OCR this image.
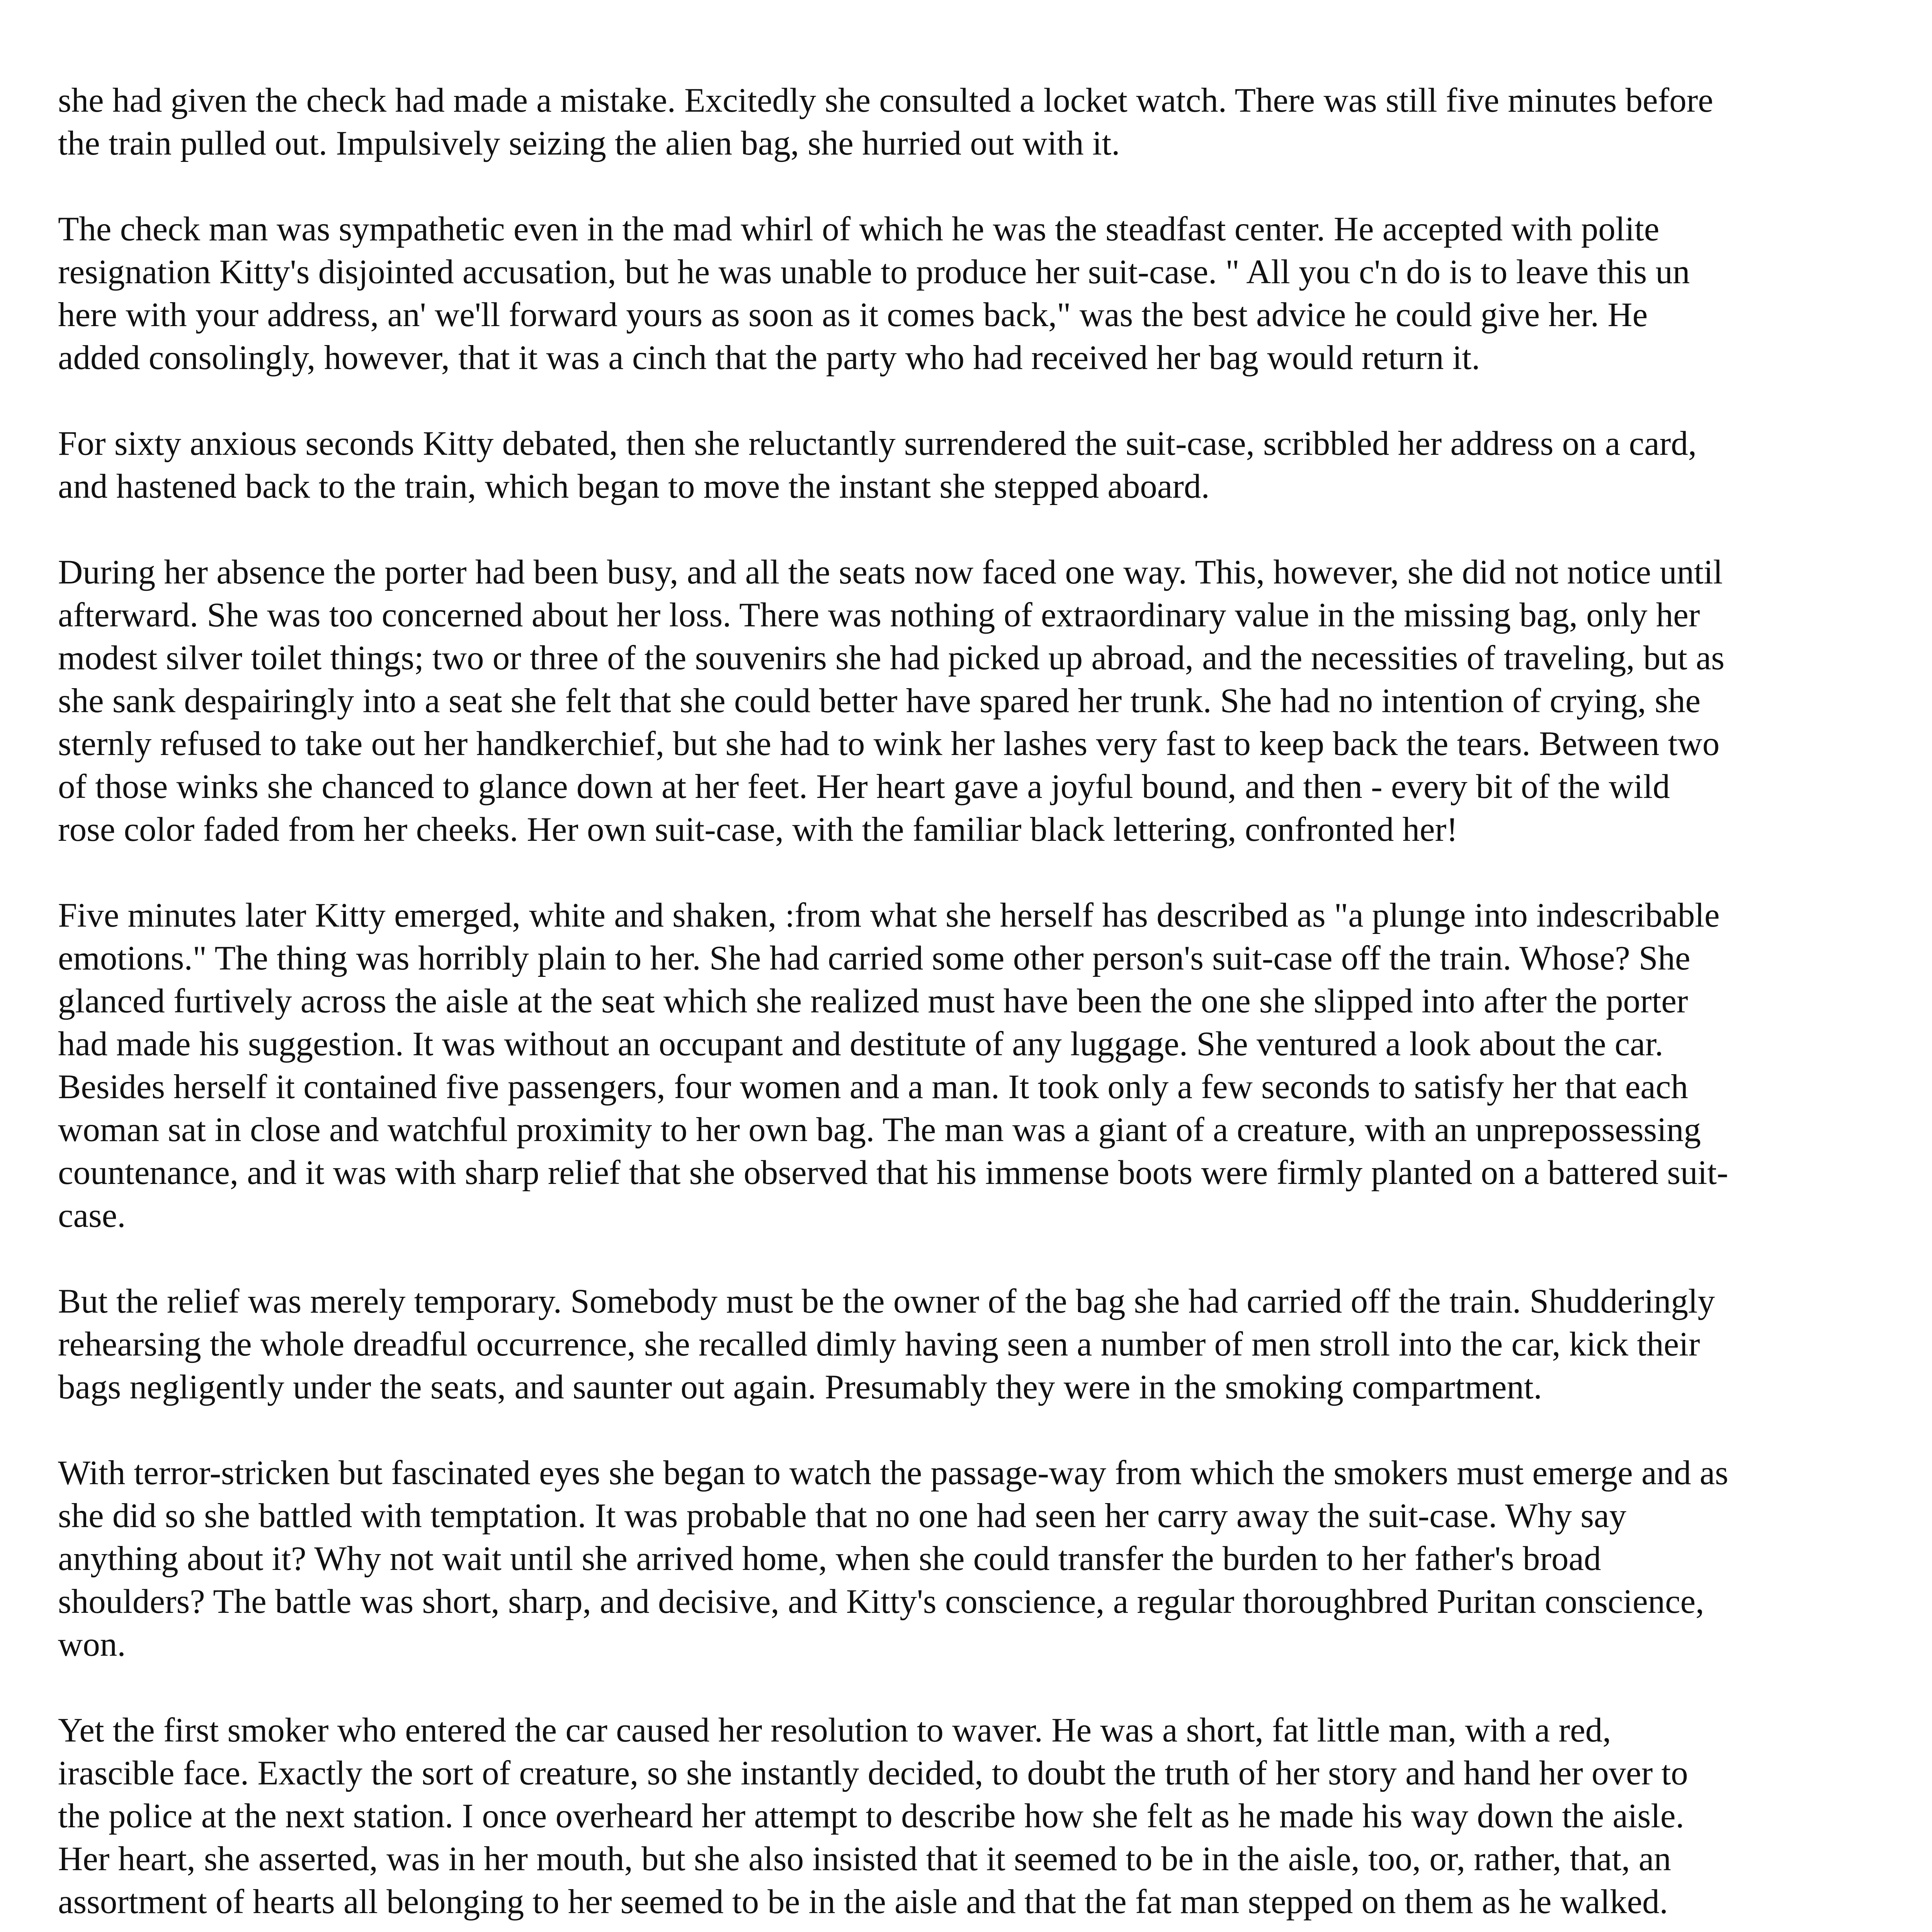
she had given the check had made a mistake. Excitedly she consulted a locket watch. There was still five minutes before the train pulled out. Impulsively seizing the alien bag, she hurried out with it.

The check man was sympathetic even in the mad whirl of which he was the steadfast center. He accepted with polite resignation Kitty's disjointed accusation, but he was unable to produce her suit-case. " All you c'n do is to leave this un here with your address, an' we'll forward yours as soon as it comes back," was the best advice he could give her. He added consolingly, however, that it was a cinch that the party who had received her bag would return it.

For sixty anxious seconds Kitty debated, then she reluctantly surrendered the suit-case, scribbled her address on a card, and hastened back to the train, which began to move the instant she stepped aboard.

During her absence the porter had been busy, and all the seats now faced one way. This, however, she did not notice until afterward. She was too concerned about her loss. There was nothing of extraordinary value in the missing bag, only her modest silver toilet things; two or three of the souvenirs she had picked up abroad, and the necessities of traveling, but as she sank despairingly into a seat she felt that she could better have spared her trunk. She had no intention of crying, she sternly refused to take out her handkerchief, but she had to wink her lashes very fast to keep back the tears. Between two of those winks she chanced to glance down at her feet. Her heart gave a joyful bound, and then - every bit of the wild rose color faded from her cheeks. Her own suit-case, with the familiar black lettering, confronted her!

Five minutes later Kitty emerged, white and shaken, :from what she herself has described as "a plunge into indescribable emotions." The thing was horribly plain to her. She had carried some other person's suit-case off the train. Whose? She glanced furtively across the aisle at the seat which she realized must have been the one she slipped into after the porter had made his suggestion. It was without an occupant and destitute of any luggage. She ventured a look about the car. Besides herself it contained five passengers, four women and a man. It took only a few seconds to satisfy her that each woman sat in close and watchful proximity to her own bag. The man was a giant of a creature, with an unprepossessing countenance, and it was with sharp relief that she observed that his immense boots were firmly planted on a battered suit-case.

But the relief was merely temporary. Somebody must be the owner of the bag she had carried off the train. Shudderingly rehearsing the whole dreadful occurrence, she recalled dimly having seen a number of men stroll into the car, kick their bags negligently under the seats, and saunter out again. Presumably they were in the smoking compartment.

With terror-stricken but fascinated eyes she began to watch the passage-way from which the smokers must emerge and as she did so she battled with temptation. It was probable that no one had seen her carry away the suit-case. Why say anything about it? Why not wait until she arrived home, when she could transfer the burden to her father's broad shoulders? The battle was short, sharp, and decisive, and Kitty's conscience, a regular thoroughbred Puritan conscience, won.

Yet the first smoker who entered the car caused her resolution to waver. He was a short, fat little man, with a red, irascible face. Exactly the sort of creature, so she instantly decided, to doubt the truth of her story and hand her over to the police at the next station. I once overheard her attempt to describe how she felt as he made his way down the aisle. Her heart, she asserted, was in her mouth, but she also insisted that it seemed to be in the aisle, too, or, rather, that, an assortment of hearts all belonging to her seemed to be in the aisle and that the fat man stepped on them as he walked.
